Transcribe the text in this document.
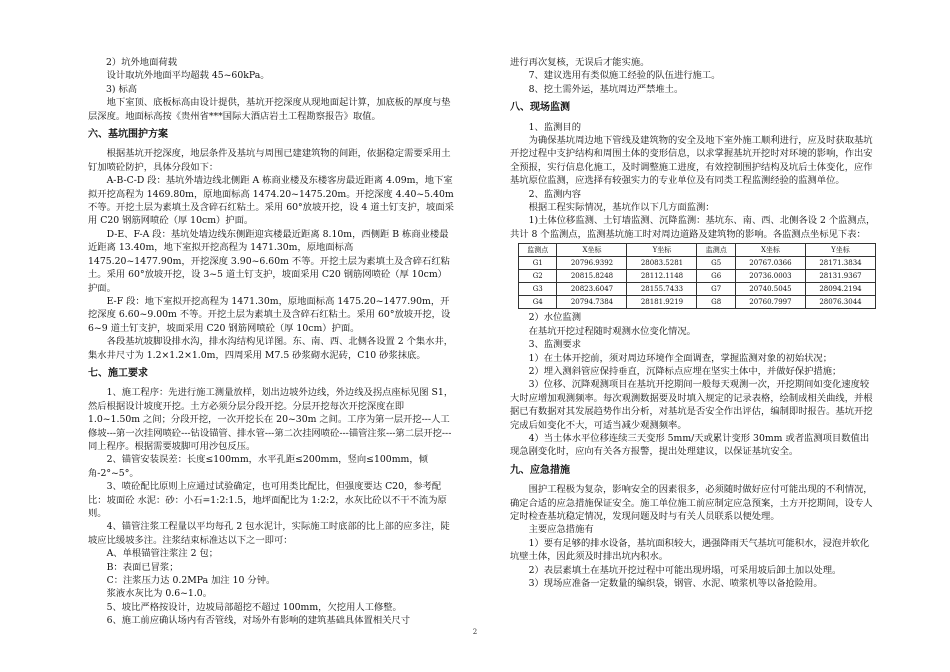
2）坑外地面荷载

设计取坑外地面平均超载 45~60kPa。

3) 标高

地下室顶、底板标高由设计提供，基坑开挖深度从现地面起计算，加底板的厚度与垫层深度。地面标高按《贵州省***国际大酒店岩土工程勘察报告》取值。

六、基坑围护方案

根据基坑开挖深度，地层条件及基坑与周围已建建筑物的间距，依据稳定需要采用土钉加喷砼防护，具体分段如下：

A-B-C-D 段：基坑外墙边线北侧距 A 栋商业楼及东楼客房最近距离 4.09m，地下室拟开挖高程为 1469.80m，原地面标高 1474.20~1475.20m。开挖深度 4.40~5.40m 不等。开挖土层为素填土及含碎石红粘土。采用 60°放坡开挖，设 4 道土钉支护，坡面采用 C20 钢筋网喷砼（厚 10cm）护面。

D-E、F-A 段：基坑处墙边线东侧距迎宾楼最近距离 8.10m，西侧距 B 栋商业楼最近距离 13.40m，地下室拟开挖高程为 1471.30m，原地面标高 1475.20~1477.90m，开挖深度 3.90~6.60m 不等。开挖土层为素填土及含碎石红粘土。采用 60°放坡开挖，设 3~5 道土钉支护，坡面采用 C20 钢筋网喷砼（厚 10cm）护面。

E-F 段：地下室拟开挖高程为 1471.30m，原地面标高 1475.20~1477.90m，开挖深度 6.60~9.00m 不等。开挖土层为素填土及含碎石红粘土。采用 60°放坡开挖，设 6~9 道土钉支护，坡面采用 C20 钢筋网喷砼（厚 10cm）护面。

各段基坑坡脚设排水沟，排水沟结构见详图。东、南、西、北侧各设置 2 个集水井，集水井尺寸为 1.2×1.2×1.0m，四周采用 M7.5 砂浆砌水泥砖，C10 砂浆抹底。

七、施工要求

1、施工程序：先进行施工测量放样，划出边坡外边线，外边线及拐点座标见图 S1，然后根据设计坡度开挖。土方必须分层分段开挖。分层开挖每次开挖深度在即 1.0~1.50m 之间；分段开挖，一次开挖长在 20~30m 之间。工序为第一层开挖---人工修坡---第一次挂网喷砼---钻设锚管、排水管---第二次挂网喷砼---锚管注浆---第二层开挖---同上程序。根据需要坡脚可用沙包反压。

2、锚管安装误差：长度≤100mm，水平孔距≤200mm，竖向≤100mm，倾角-2°~5°。

3、喷砼配比原则上应通过试验确定，也可用类比配比，但强度要达 C20，参考配比：坡面砼 水泥：砂：小石=1:2:1.5，地坪面配比为 1:2:2，水灰比砼以不干不流为原则。

4、锚管注浆工程量以平均每孔 2 包水泥计，实际施工时底部的比上部的应多注，陡坡应比缓坡多注。注浆结束标准达以下之一即可：

A、单根锚管注浆注 2 包；

B：表面已冒浆；

C：注浆压力达 0.2MPa 加注 10 分钟。

浆液水灰比为 0.6~1.0。

5、坡比严格按设计，边坡局部超挖不超过 100mm，欠挖用人工修整。

6、施工前应确认场内有否管线，对场外有影响的建筑基础具体置相关尺寸

进行再次复核，无误后才能实施。

7、建议选用有类似施工经验的队伍进行施工。

8、挖土需外运，基坑周边严禁堆土。

八、现场监测

1、监测目的

为确保基坑周边地下管线及建筑物的安全及地下室外施工顺利进行，应及时获取基坑开挖过程中支护结构和周围土体的变形信息，以求掌握基坑开挖时对环境的影响，作出安全预报，实行信息化施工，及时调整施工进度，有效控制围护结构及坑后土体变化，应作基坑原位监测，应选择有较强实力的专业单位及有同类工程监测经验的监测单位。

2、监测内容

根据工程实际情况，基坑作以下几方面监测：

1)土体位移监测、土钉墙监测、沉降监测：基坑东、南、西、北侧各设 2 个监测点，共计 8 个监测点，监测基坑施工时对周边道路及建筑物的影响。各监测点坐标见下表：

监测点	X坐标	Y坐标	监测点	X坐标	Y坐标
G1	20796.9392	28083.5281	G5	20767.0366	28171.3834
G2	20815.8248	28112.1148	G6	20736.0003	28131.9367
G3	20823.6047	28155.7433	G7	20740.5045	28094.2194
G4	20794.7384	28181.9219	G8	20760.7997	28076.3044

2）水位监测

在基坑开挖过程随时观测水位变化情况。

3、监测要求

1）在土体开挖前，须对周边环境作全面调查，掌握监测对象的初始状况；

2）埋入测斜管应保持垂直，沉降标点应埋在坚实土体中，并做好保护措施；

3）位移、沉降观测项目在基坑开挖期间一般每天观测一次，开挖期间如变化速度较大时应增加观测频率。每次观测数据要及时填入规定的记录表格，绘制成相关曲线，并根据已有数据对其发展趋势作出分析，对基坑是否安全作出评估，编制即时报告。基坑开挖完成后如变化不大，可适当减少观测频率。

4）当土体水平位移连续三天变形 5mm/天或累计变形 30mm 或者监测项目数值出现急剧变化时，应向有关各方报警，提出处理建议，以保证基坑安全。

九、应急措施

围护工程极为复杂，影响安全的因素很多，必须随时做好应付可能出现的不利情况，确定合适的应急措施保证安全。施工单位施工前应制定应急预案，土方开挖期间，设专人定时检查基坑稳定情况，发现问题及时与有关人员联系以便处理。

主要应急措施有

1）要有足够的排水设备，基坑面积较大，遇强降雨天气基坑可能积水，浸泡并软化坑壁土体，因此须及时排出坑内积水。

2）表层素填土在基坑开挖过程中可能出现坍塌，可采用坡后卸土加以处理。

3）现场应准备一定数量的编织袋，钢管、水泥、喷浆机等以备抢险用。

2
